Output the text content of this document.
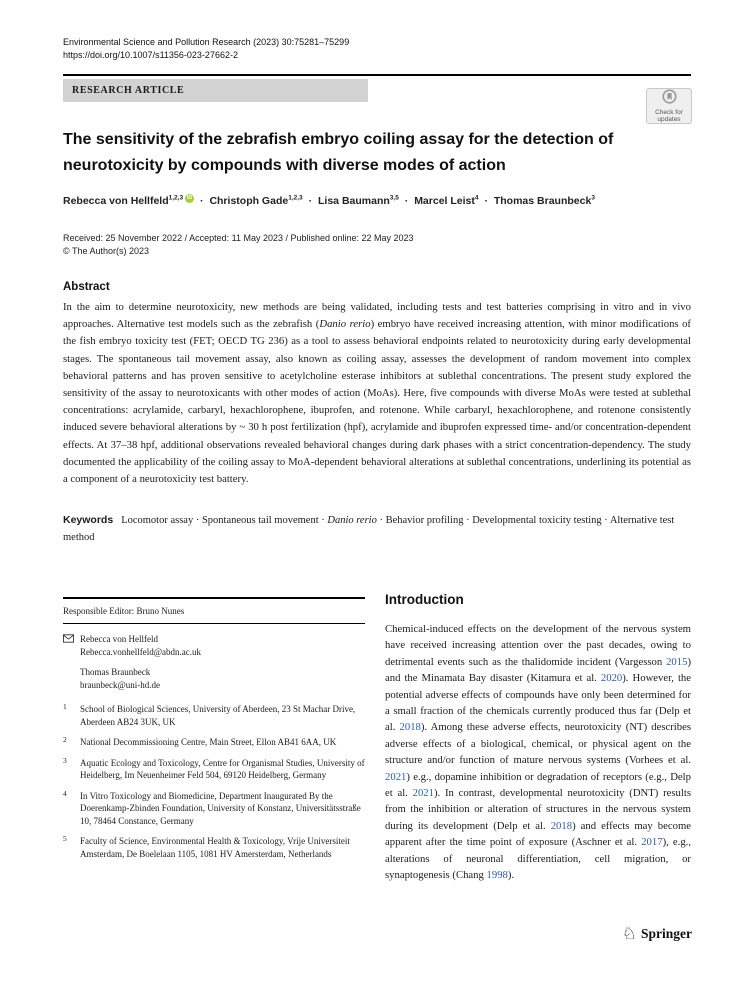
Environmental Science and Pollution Research (2023) 30:75281–75299
https://doi.org/10.1007/s11356-023-27662-2
RESEARCH ARTICLE
Check for
updates
The sensitivity of the zebrafish embryo coiling assay for the detection of neurotoxicity by compounds with diverse modes of action

Rebecca von Hellfeld$^{1,2,3}$ iD · Christoph Gade$^{1,2,3}$ · Lisa Baumann$^{3,5}$ · Marcel Leist$^4$ · Thomas Braunbeck$^3$

Received: 25 November 2022 / Accepted: 11 May 2023 / Published online: 22 May 2023
© The Author(s) 2023
Abstract
In the aim to determine neurotoxicity, new methods are being validated, including tests and test batteries comprising in vitro and in vivo approaches. Alternative test models such as the zebrafish (Danio rerio) embryo have received increasing attention, with minor modifications of the fish embryo toxicity test (FET; OECD TG 236) as a tool to assess behavioral endpoints related to neurotoxicity during early developmental stages. The spontaneous tail movement assay, also known as coiling assay, assesses the development of random movement into complex behavioral patterns and has proven sensitive to acetylcholine esterase inhibitors at sublethal concentrations. The present study explored the sensitivity of the assay to neurotoxicants with other modes of action (MoAs). Here, five compounds with diverse MoAs were tested at sublethal concentrations: acrylamide, carbaryl, hexachlorophene, ibuprofen, and rotenone. While carbaryl, hexachlorophene, and rotenone consistently induced severe behavioral alterations by ~ 30 h post fertilization (hpf), acrylamide and ibuprofen expressed time- and/or concentration-dependent effects. At 37–38 hpf, additional observations revealed behavioral changes during dark phases with a strict concentration-dependency. The study documented the applicability of the coiling assay to MoA-dependent behavioral alterations at sublethal concentrations, underlining its potential as a component of a neurotoxicity test battery.
Keywords Locomotor assay · Spontaneous tail movement · Danio rerio · Behavior profiling · Developmental toxicity testing · Alternative test method
Responsible Editor: Bruno Nunes
Rebecca von Hellfeld
Rebecca.vonhellfeld@abdn.ac.uk
Thomas Braunbeck
braunbeck@uni-hd.de
1	School of Biological Sciences, University of Aberdeen, 23 St Machar Drive, Aberdeen AB24 3UK, UK
2	National Decommissioning Centre, Main Street, Ellon AB41 6AA, UK
3	Aquatic Ecology and Toxicology, Centre for Organismal Studies, University of Heidelberg, Im Neuenheimer Feld 504, 69120 Heidelberg, Germany
4	In Vitro Toxicology and Biomedicine, Department Inaugurated By the Doerenkamp-Zbinden Foundation, University of Konstanz, Universitätsstraße 10, 78464 Constance, Germany
5	Faculty of Science, Environmental Health & Toxicology, Vrije Universiteit Amsterdam, De Boelelaan 1105, 1081 HV Amersterdam, Netherlands
Introduction
Chemical-induced effects on the development of the nervous system have received increasing attention over the past decades, owing to detrimental events such as the thalidomide incident (Vargesson 2015) and the Minamata Bay disaster (Kitamura et al. 2020). However, the potential adverse effects of compounds have only been determined for a small fraction of the chemicals currently produced thus far (Delp et al. 2018). Among these adverse effects, neurotoxicity (NT) describes adverse effects of a biological, chemical, or physical agent on the structure and/or function of mature nervous systems (Vorhees et al. 2021) e.g., dopamine inhibition or degradation of receptors (e.g., Delp et al. 2021). In contrast, developmental neurotoxicity (DNT) results from the inhibition or alteration of structures in the nervous system during its development (Delp et al. 2018) and effects may become apparent after the time point of exposure (Aschner et al. 2017), e.g., alterations of neuronal differentiation, cell migration, or synaptogenesis (Chang 1998).
♘ Springer
